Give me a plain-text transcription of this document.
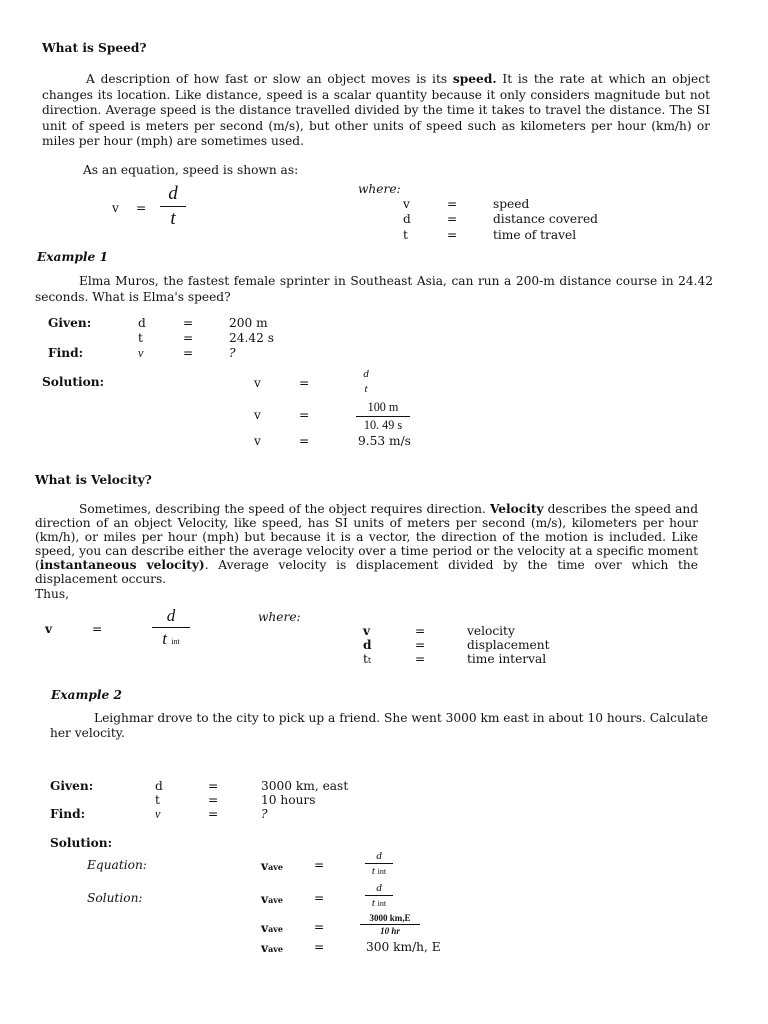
What is Speed?
A description of how fast or slow an object moves is its speed. It is the rate at which an object changes its location. Like distance, speed is a scalar quantity because it only considers magnitude but not direction. Average speed is the distance travelled divided by the time it takes to travel the distance. The SI unit of speed is meters per second (m/s), but other units of speed such as kilometers per hour (km/h) or miles per hour (mph) are sometimes used.
As an equation, speed is shown as:
v =
d
t
where:
v	=	speed
d	=	distance covered
t	=	time of travel
Example 1
Elma Muros, the fastest female sprinter in Southeast Asia, can run a 200-m distance course in 24.42 seconds. What is Elma's speed?
Given:	d	=	200 m
t	=	24.42 s
Find:	v	=	?
Solution:	v	=
d
t
v	=
100 m
10. 49 s
v	=	9.53 m/s
What is Velocity?
Sometimes, describing the speed of the object requires direction. Velocity describes the speed and direction of an object Velocity, like speed, has SI units of meters per second (m/s), kilometers per hour (km/h), or miles per hour (mph) but because it is a vector, the direction of the motion is included. Like speed, you can describe either the average velocity over a time period or the velocity at a specific moment (instantaneous velocity). Average velocity is displacement divided by the time over which the displacement occurs.
Thus,
v	=
d
t int
where:
v	=	velocity
d	=	displacement
tt	=	time interval
Example 2
Leighmar drove to the city to pick up a friend. She went 3000 km east in about 10 hours. Calculate her velocity.
Given:	d	=	3000 km, east
t	=	10 hours
Find:	v	=	?
Solution:
Equation:
Solution:
vave	=
d
t int
vave	=
d
t int
vave	=
3000 km,E
10 hr
vave	=	300 km/h, E
